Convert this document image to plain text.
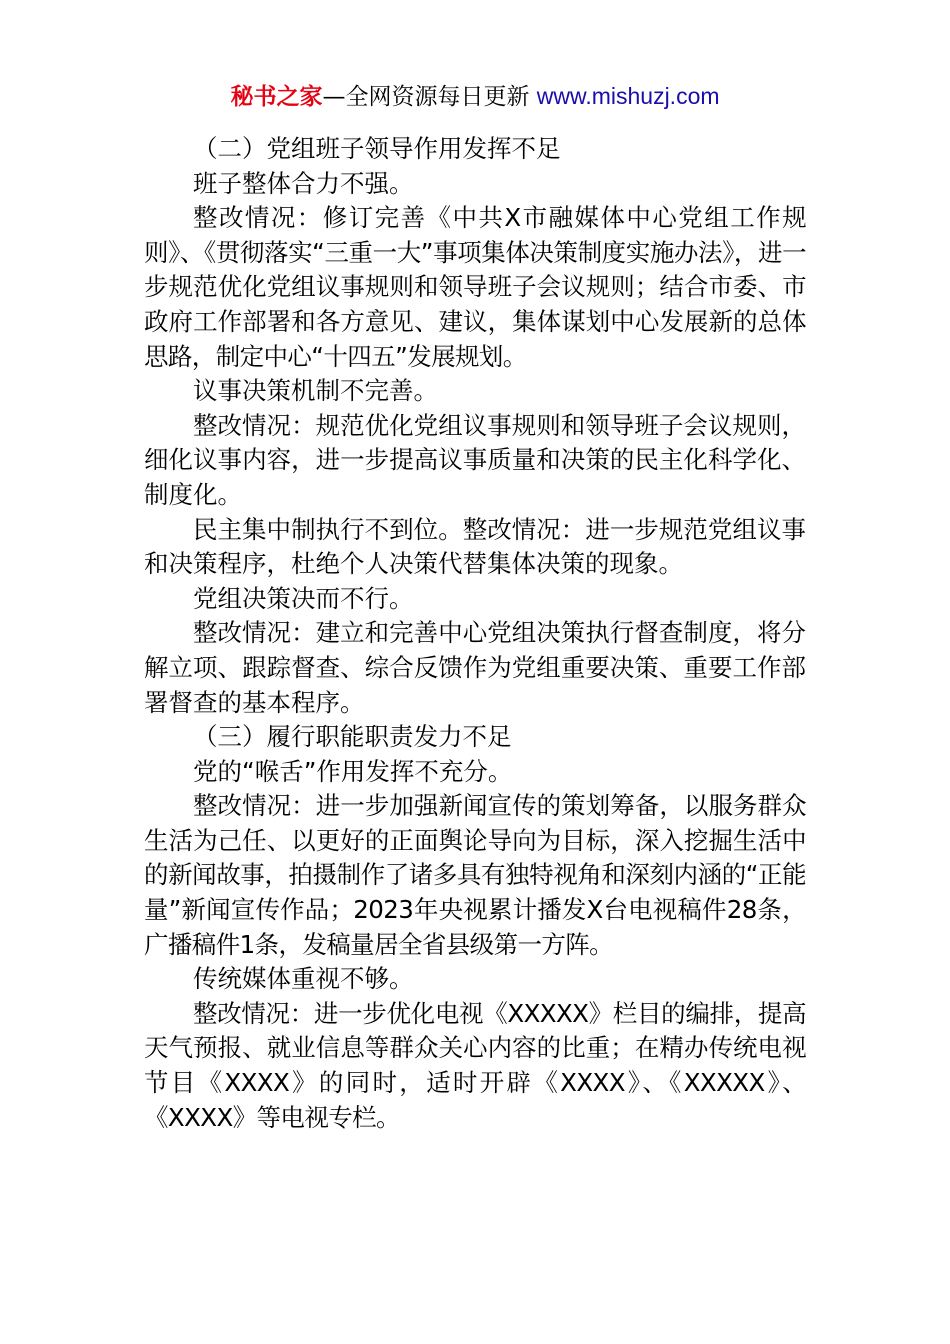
秘书之家—全网资源每日更新 www.mishuzj.com

（二）党组班子领导作用发挥不足

班子整体合力不强。

整改情况：修订完善《中共X市融媒体中心党组工作规则》、《贯彻落实“三重一大”事项集体决策制度实施办法》，进一步规范优化党组议事规则和领导班子会议规则；结合市委、市政府工作部署和各方意见、建议，集体谋划中心发展新的总体思路，制定中心“十四五”发展规划。

议事决策机制不完善。

整改情况：规范优化党组议事规则和领导班子会议规则，细化议事内容，进一步提高议事质量和决策的民主化科学化、制度化。

民主集中制执行不到位。整改情况：进一步规范党组议事和决策程序，杜绝个人决策代替集体决策的现象。

党组决策决而不行。

整改情况：建立和完善中心党组决策执行督查制度，将分解立项、跟踪督查、综合反馈作为党组重要决策、重要工作部署督查的基本程序。

（三）履行职能职责发力不足

党的“喉舌”作用发挥不充分。

整改情况：进一步加强新闻宣传的策划筹备，以服务群众生活为己任、以更好的正面舆论导向为目标，深入挖掘生活中的新闻故事，拍摄制作了诸多具有独特视角和深刻内涵的“正能量”新闻宣传作品；2023年央视累计播发X台电视稿件28条，广播稿件1条，发稿量居全省县级第一方阵。

传统媒体重视不够。

整改情况：进一步优化电视《XXXXX》栏目的编排，提高天气预报、就业信息等群众关心内容的比重；在精办传统电视节目《XXXX》的同时，适时开辟《XXXX》、《XXXXX》、《XXXX》等电视专栏。
